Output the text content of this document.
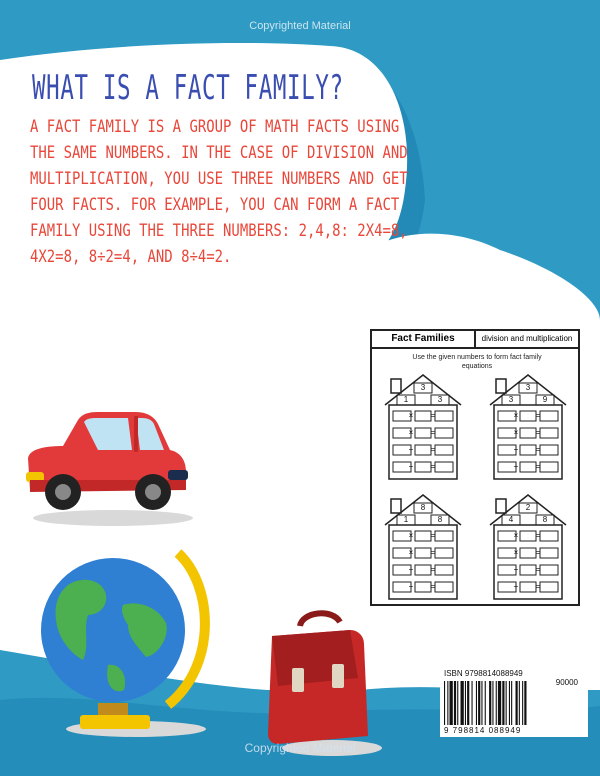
Copyrighted Material
WHAT IS A FACT FAMILY?
A FACT FAMILY IS A GROUP OF MATH FACTS USING
THE SAME NUMBERS. IN THE CASE OF DIVISION AND
MULTIPLICATION, YOU USE THREE NUMBERS AND GET
FOUR FACTS. FOR EXAMPLE, YOU CAN FORM A FACT
FAMILY USING THE THREE NUMBERS: 2,4,8: 2X4=8,
4X2=8, 8÷2=4, AND 8÷4=2.
Fact Families	division and multiplication
Use the given numbers to form fact family equations
3
1	3
×	=
×	=
÷	=
÷	=
3
3	9
×	=
×	=
÷	=
÷	=
8
1	8
×	=
×	=
÷	=
÷	=
2
4	8
×	=
×	=
÷	=
÷	=
ISBN 9798814088949
90000
9 798814 088949
Copyrighted Material
